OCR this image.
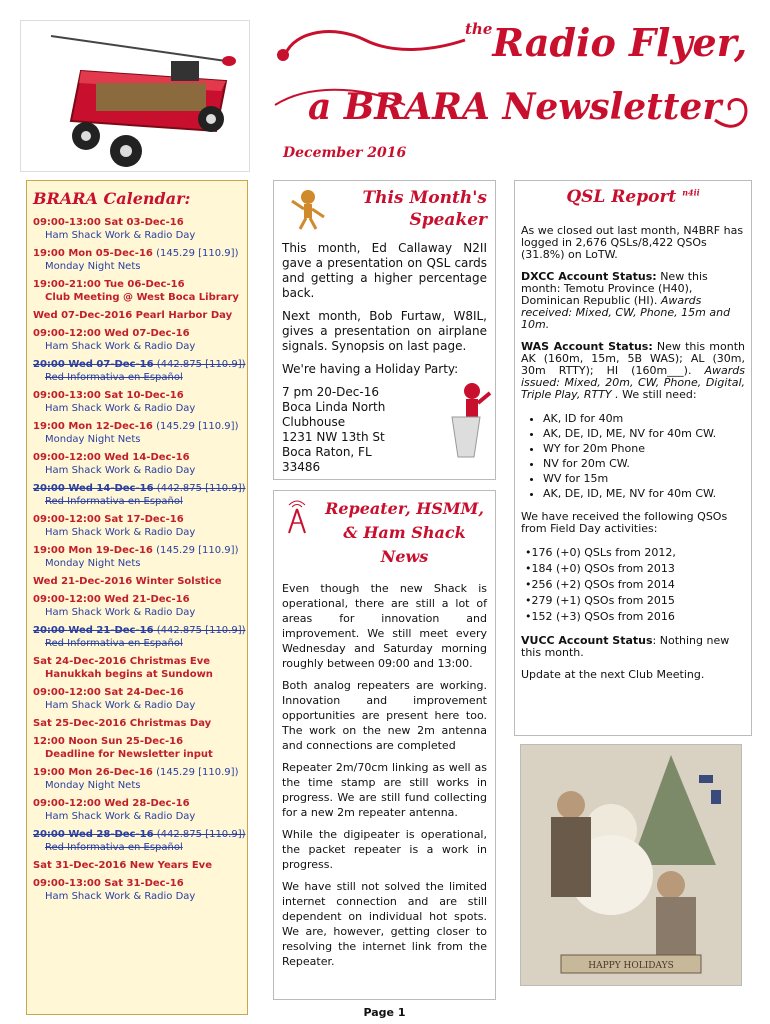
$^{the}$Radio Flyer,
a BRARA Newsletter
December 2016
BRARA Calendar:
09:00-13:00 Sat 03-Dec-16
Ham Shack Work & Radio Day
19:00 Mon 05-Dec-16 (145.29 [110.9])
Monday Night Nets
19:00-21:00 Tue 06-Dec-16
Club Meeting @ West Boca Library
Wed 07-Dec-2016 Pearl Harbor Day
09:00-12:00 Wed 07-Dec-16
Ham Shack Work & Radio Day
20:00 Wed 07-Dec-16 (442.875 [110.9])
Red Informativa en Español
09:00-13:00 Sat 10-Dec-16
Ham Shack Work & Radio Day
19:00 Mon 12-Dec-16 (145.29 [110.9])
Monday Night Nets
09:00-12:00 Wed 14-Dec-16
Ham Shack Work & Radio Day
20:00 Wed 14-Dec-16 (442.875 [110.9])
Red Informativa en Español
09:00-12:00 Sat 17-Dec-16
Ham Shack Work & Radio Day
19:00 Mon 19-Dec-16 (145.29 [110.9])
Monday Night Nets
Wed 21-Dec-2016 Winter Solstice
09:00-12:00 Wed 21-Dec-16
Ham Shack Work & Radio Day
20:00 Wed 21-Dec-16 (442.875 [110.9])
Red Informativa en Español
Sat 24-Dec-2016 Christmas Eve
Hanukkah begins at Sundown
09:00-12:00 Sat 24-Dec-16
Ham Shack Work & Radio Day
Sat 25-Dec-2016 Christmas Day
12:00 Noon Sun 25-Dec-16
Deadline for Newsletter input
19:00 Mon 26-Dec-16 (145.29 [110.9])
Monday Night Nets
09:00-12:00 Wed 28-Dec-16
Ham Shack Work & Radio Day
20:00 Wed 28-Dec-16 (442.875 [110.9])
Red Informativa en Español
Sat 31-Dec-2016 New Years Eve
09:00-13:00 Sat 31-Dec-16
Ham Shack Work & Radio Day
This Month's
Speaker

This month, Ed Callaway N2II gave a presentation on QSL cards and getting a higher percentage back.

Next month, Bob Furtaw, W8IL, gives a presentation on airplane signals. Synopsis on last page.

We're having a Holiday Party:

7 pm 20-Dec-16
Boca Linda North
Clubhouse
1231 NW 13th St
Boca Raton, FL
33486
Repeater, HSMM,
& Ham Shack News

Even though the new Shack is operational, there are still a lot of areas for innovation and improvement. We still meet every Wednesday and Saturday morning roughly between 09:00 and 13:00.

Both analog repeaters are working. Innovation and improvement opportunities are present here too. The work on the new 2m antenna and connections are completed

Repeater 2m/70cm linking as well as the time stamp are still works in progress. We are still fund collecting for a new 2m repeater antenna.

While the digipeater is operational, the packet repeater is a work in progress.

We have still not solved the limited internet connection and are still dependent on individual hot spots. We are, however, getting closer to resolving the internet link from the Repeater.

Page 1
QSL Report $^{n4ii}$

As we closed out last month, N4BRF has logged in 2,676 QSLs/8,422 QSOs (31.8%) on LoTW.

DXCC Account Status: New this month: Temotu Province (H40), Dominican Republic (HI). Awards received: Mixed, CW, Phone, 15m and 10m.

WAS Account Status: New this month AK (160m, 15m, 5B WAS); AL (30m, 30m RTTY); HI (160m___). Awards issued: Mixed, 20m, CW, Phone, Digital, Triple Play, RTTY . We still need:

• AK, ID for 40m
• AK, DE, ID, ME, NV for 40m CW.
• WY for 20m Phone
• NV for 20m CW.
• WV for 15m
• AK, DE, ID, ME, NV for 40m CW.

We have received the following QSOs from Field Day activities:

•176 (+0) QSLs from 2012,
•184 (+0) QSOs from 2013
•256 (+2) QSOs from 2014
•279 (+1) QSOs from 2015
•152 (+3) QSOs from 2016

VUCC Account Status: Nothing new this month.

Update at the next Club Meeting.

HAPPY HOLIDAYS
